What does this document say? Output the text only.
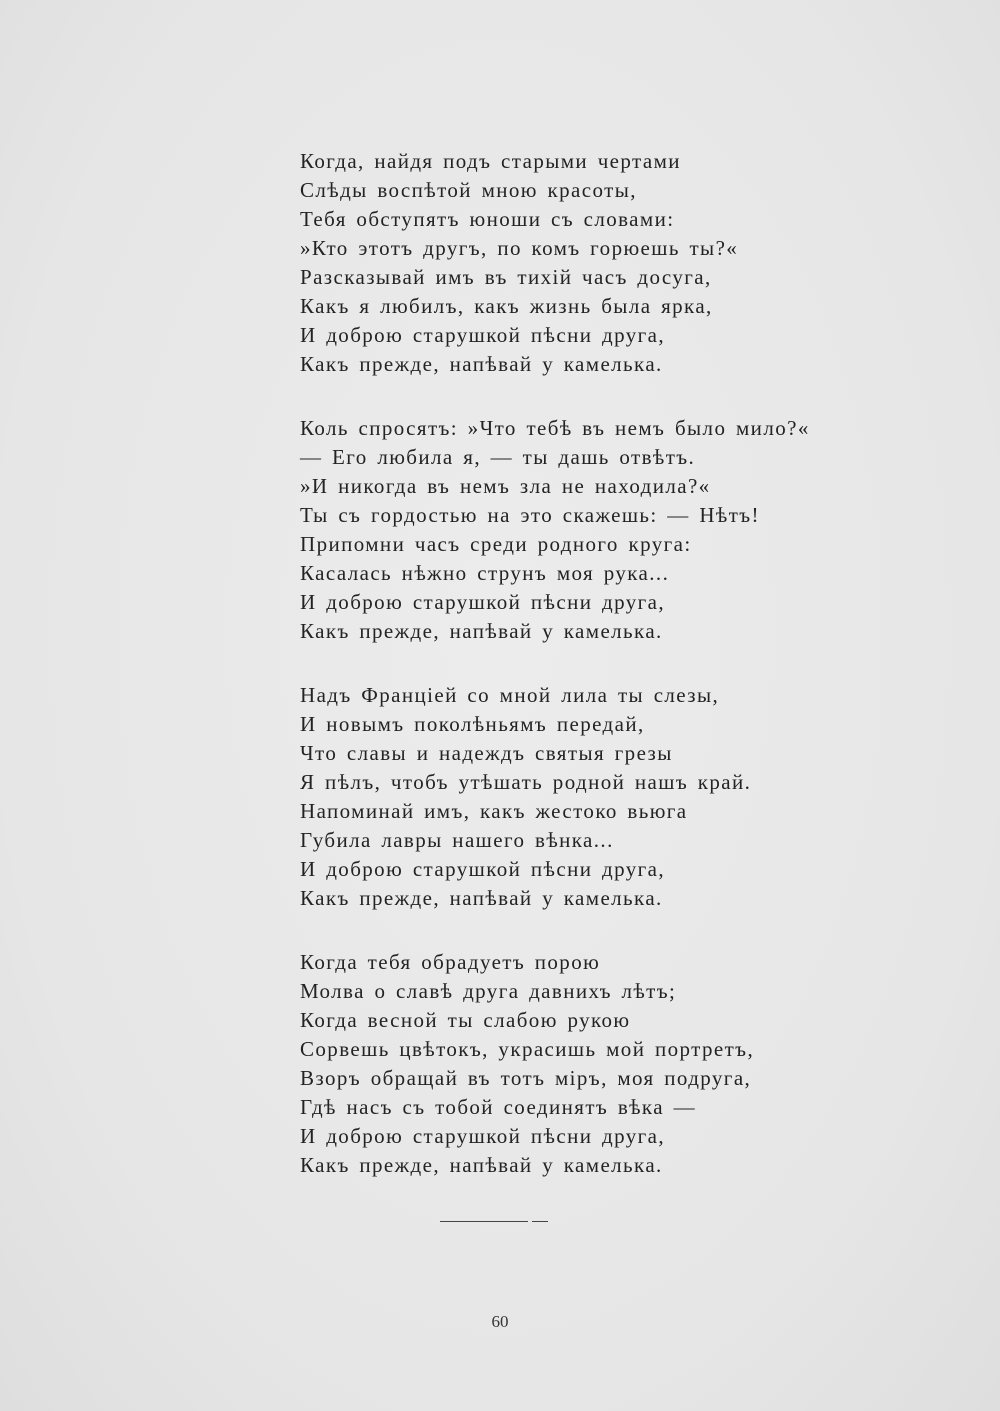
Когда, найдя подъ старыми чертами
Слѣды воспѣтой мною красоты,
Тебя обступятъ юноши съ словами:
»Кто этотъ другъ, по комъ горюешь ты?«
Разсказывай имъ въ тихій часъ досуга,
Какъ я любилъ, какъ жизнь была ярка,
И доброю старушкой пѣсни друга,
Какъ прежде, напѣвай у камелька.
Коль спросятъ: »Что тебѣ въ немъ было мило?«
— Его любила я, — ты дашь отвѣтъ.
»И никогда въ немъ зла не находила?«
Ты съ гордостью на это скажешь: — Нѣтъ!
Припомни часъ среди родного круга:
Касалась нѣжно струнъ моя рука...
И доброю старушкой пѣсни друга,
Какъ прежде, напѣвай у камелька.
Надъ Франціей со мной лила ты слезы,
И новымъ поколѣньямъ передай,
Что славы и надеждъ святыя грезы
Я пѣлъ, чтобъ утѣшать родной нашъ край.
Напоминай имъ, какъ жестоко вьюга
Губила лавры нашего вѣнка...
И доброю старушкой пѣсни друга,
Какъ прежде, напѣвай у камелька.
Когда тебя обрадуетъ порою
Молва о славѣ друга давнихъ лѣтъ;
Когда весной ты слабою рукою
Сорвешь цвѣтокъ, украсишь мой портретъ,
Взоръ обращай въ тотъ міръ, моя подруга,
Гдѣ насъ съ тобой соединятъ вѣка —
И доброю старушкой пѣсни друга,
Какъ прежде, напѣвай у камелька.
60
